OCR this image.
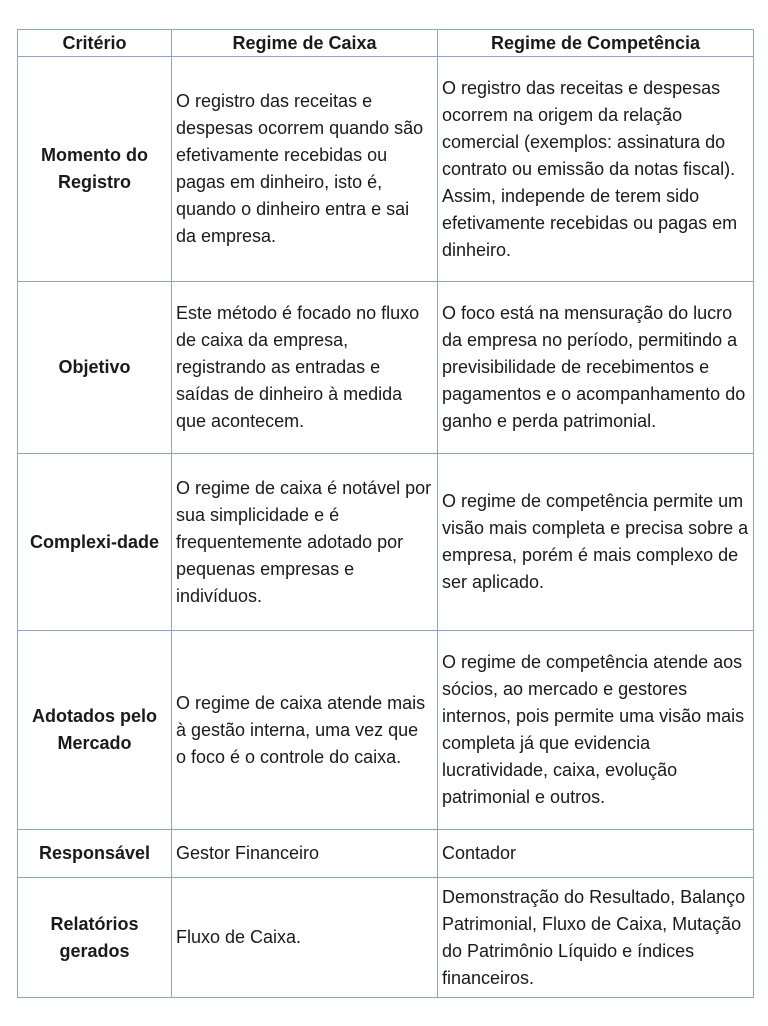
Critério	Regime de Caixa	Regime de Competência
Momento do Registro	O registro das receitas e despesas ocorrem quando são efetivamente recebidas ou pagas em dinheiro, isto é, quando o dinheiro entra e sai da empresa.	O registro das receitas e despesas ocorrem na origem da relação comercial (exemplos: assinatura do contrato ou emissão da notas fiscal). Assim, independe de terem sido efetivamente recebidas ou pagas em dinheiro.
Objetivo	Este método é focado no fluxo de caixa da empresa, registrando as entradas e saídas de dinheiro à medida que acontecem.	O foco está na mensuração do lucro da empresa no período, permitindo a previsibilidade de recebimentos e pagamentos e o acompanhamento do ganho e perda patrimonial.
Complexi-dade	O regime de caixa é notável por sua simplicidade e é frequentemente adotado por pequenas empresas e indivíduos.	O regime de competência permite um visão mais completa e precisa sobre a empresa, porém é mais complexo de ser aplicado.
Adotados pelo Mercado	O regime de caixa atende mais à gestão interna, uma vez que o foco é o controle do caixa.	O regime de competência atende aos sócios, ao mercado e gestores internos, pois permite uma visão mais completa já que evidencia lucratividade, caixa, evolução patrimonial e outros.
Responsável	Gestor Financeiro	Contador
Relatórios gerados	Fluxo de Caixa.	Demonstração do Resultado, Balanço Patrimonial, Fluxo de Caixa, Mutação do Patrimônio Líquido e índices financeiros.
